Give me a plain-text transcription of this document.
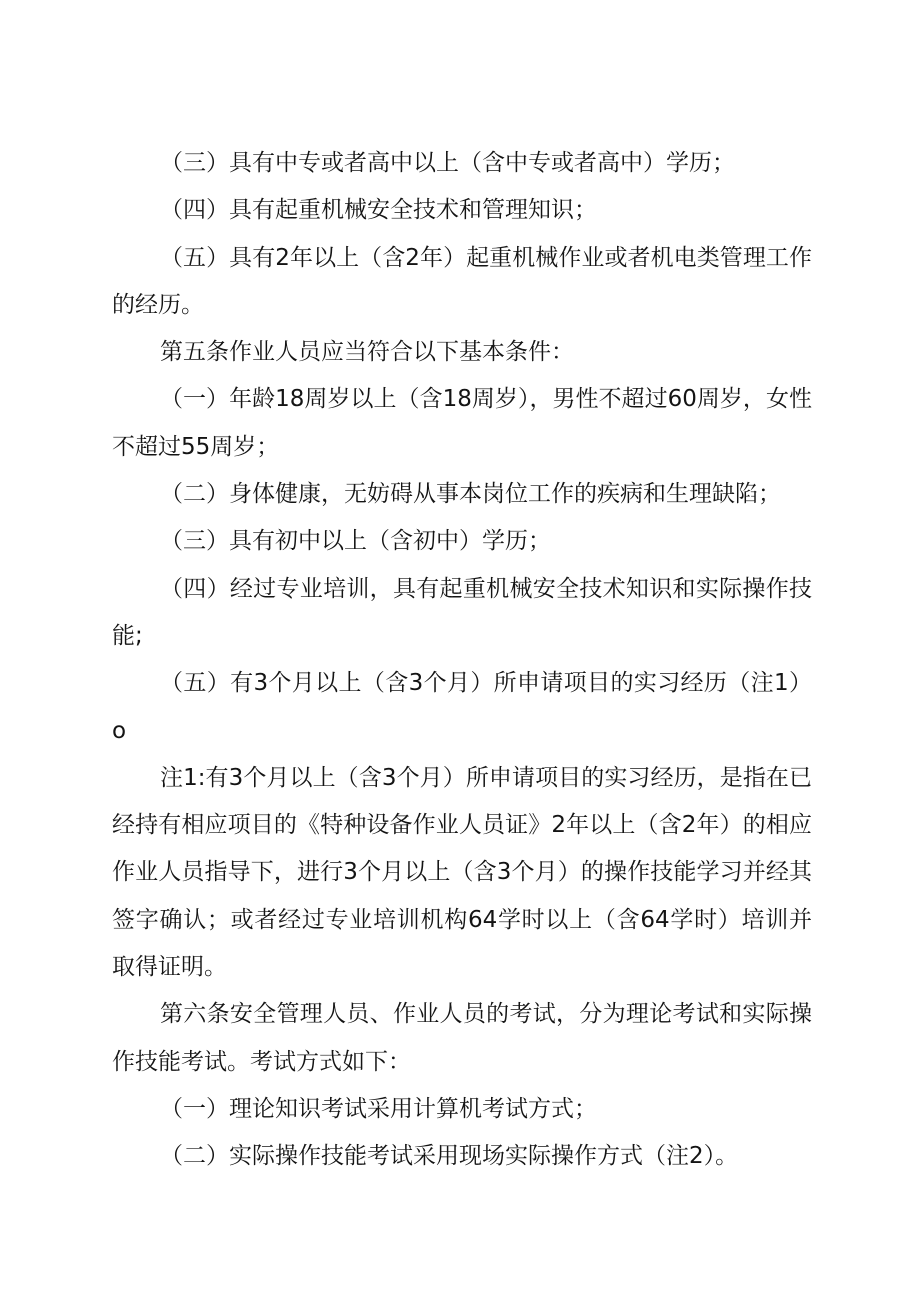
（三）具有中专或者高中以上（含中专或者高中）学历；

（四）具有起重机械安全技术和管理知识；

（五）具有2年以上（含2年）起重机械作业或者机电类管理工作的经历。

第五条作业人员应当符合以下基本条件：

（一）年龄18周岁以上（含18周岁），男性不超过60周岁，女性不超过55周岁；

（二）身体健康，无妨碍从事本岗位工作的疾病和生理缺陷；

（三）具有初中以上（含初中）学历；

（四）经过专业培训，具有起重机械安全技术知识和实际操作技能;

（五）有3个月以上（含3个月）所申请项目的实习经历（注1）o

注1:有3个月以上（含3个月）所申请项目的实习经历，是指在已经持有相应项目的《特种设备作业人员证》2年以上（含2年）的相应作业人员指导下，进行3个月以上（含3个月）的操作技能学习并经其签字确认；或者经过专业培训机构64学时以上（含64学时）培训并取得证明。

第六条安全管理人员、作业人员的考试，分为理论考试和实际操作技能考试。考试方式如下：

（一）理论知识考试采用计算机考试方式；

（二）实际操作技能考试采用现场实际操作方式（注2）。
